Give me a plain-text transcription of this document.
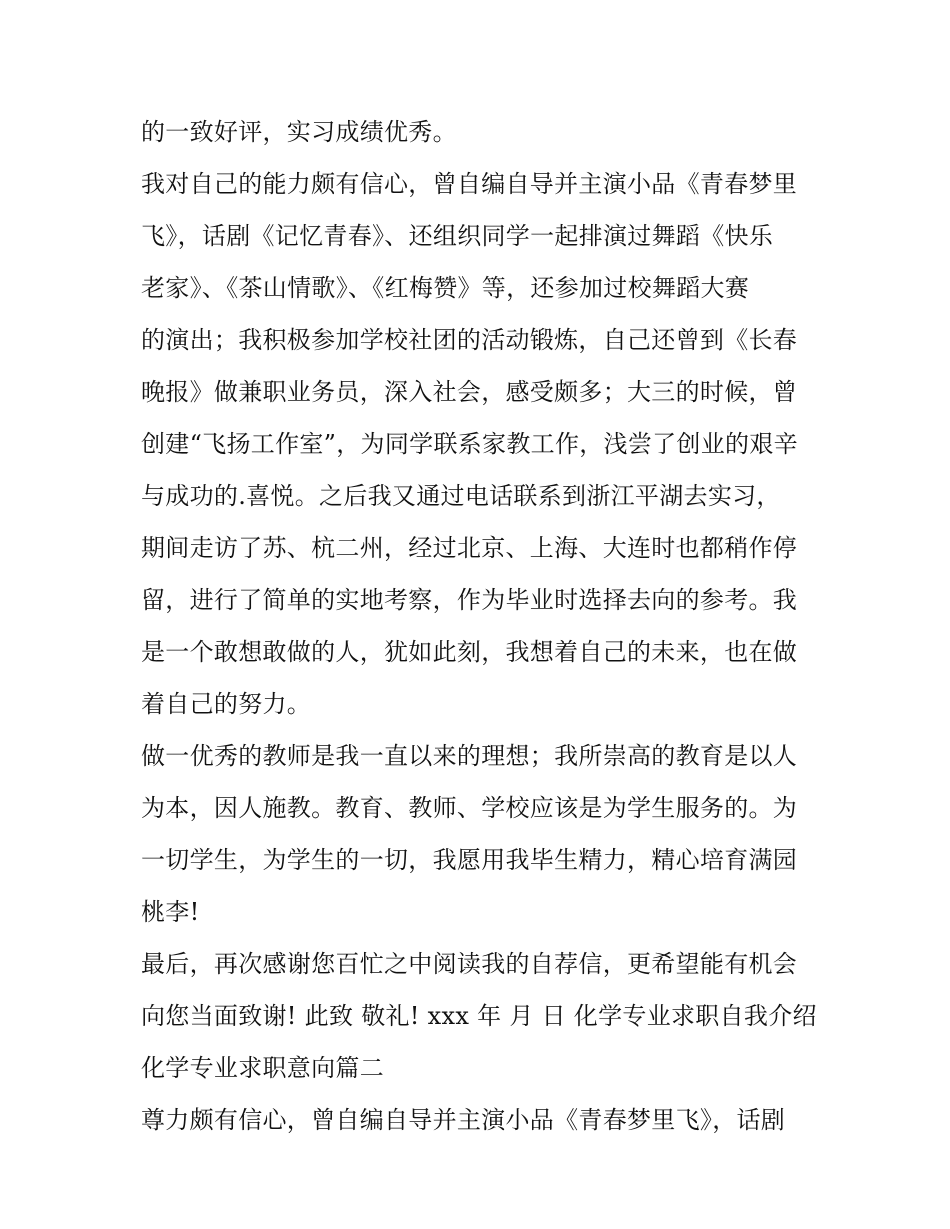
的一致好评，实习成绩优秀。
我对自己的能力颇有信心，曾自编自导并主演小品《青春梦里
飞》，话剧《记忆青春》、还组织同学一起排演过舞蹈《快乐
老家》、《茶山情歌》、《红梅赞》等，还参加过校舞蹈大赛
的演出；我积极参加学校社团的活动锻炼，自己还曾到《长春
晚报》做兼职业务员，深入社会，感受颇多；大三的时候，曾
创建“飞扬工作室”，为同学联系家教工作，浅尝了创业的艰辛
与成功的.喜悦。之后我又通过电话联系到浙江平湖去实习，
期间走访了苏、杭二州，经过北京、上海、大连时也都稍作停
留，进行了简单的实地考察，作为毕业时选择去向的参考。我
是一个敢想敢做的人，犹如此刻，我想着自己的未来，也在做
着自己的努力。
做一优秀的教师是我一直以来的理想；我所崇高的教育是以人
为本，因人施教。教育、教师、学校应该是为学生服务的。为
一切学生，为学生的一切，我愿用我毕生精力，精心培育满园
桃李!
最后，再次感谢您百忙之中阅读我的自荐信，更希望能有机会
向您当面致谢! 此致 敬礼! xxx 年 月 日 化学专业求职自我介绍
化学专业求职意向篇二
尊力颇有信心，曾自编自导并主演小品《青春梦里飞》，话剧
